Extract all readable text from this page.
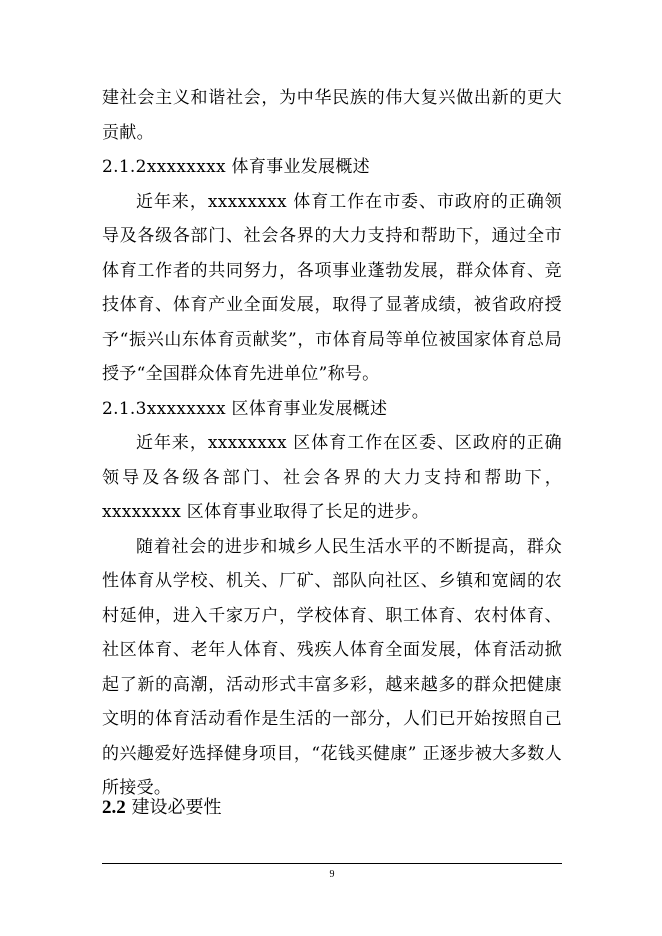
建社会主义和谐社会，为中华民族的伟大复兴做出新的更大贡献。

2.1.2xxxxxxxx 体育事业发展概述

近年来，xxxxxxxx 体育工作在市委、市政府的正确领导及各级各部门、社会各界的大力支持和帮助下，通过全市体育工作者的共同努力，各项事业蓬勃发展，群众体育、竞技体育、体育产业全面发展，取得了显著成绩，被省政府授予“振兴山东体育贡献奖”，市体育局等单位被国家体育总局授予“全国群众体育先进单位”称号。

2.1.3xxxxxxxx 区体育事业发展概述

近年来，xxxxxxxx 区体育工作在区委、区政府的正确领导及各级各部门、社会各界的大力支持和帮助下，xxxxxxxx 区体育事业取得了长足的进步。

随着社会的进步和城乡人民生活水平的不断提高，群众性体育从学校、机关、厂矿、部队向社区、乡镇和宽阔的农村延伸，进入千家万户，学校体育、职工体育、农村体育、社区体育、老年人体育、残疾人体育全面发展，体育活动掀起了新的高潮，活动形式丰富多彩，越来越多的群众把健康文明的体育活动看作是生活的一部分，人们已开始按照自己的兴趣爱好选择健身项目，“花钱买健康” 正逐步被大多数人所接受。

2.2 建设必要性
9
